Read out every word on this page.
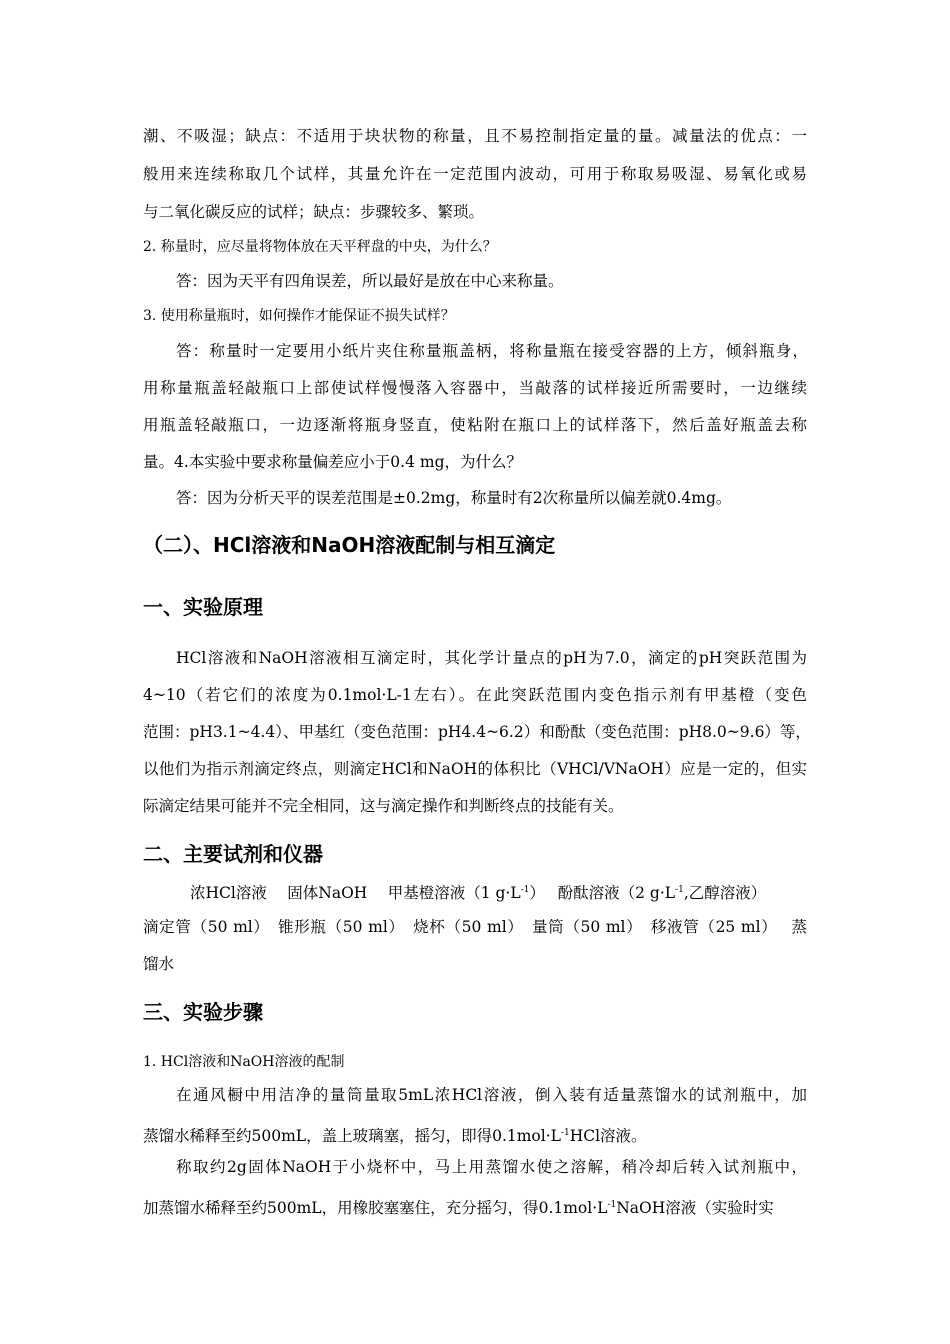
潮、不吸湿；缺点：不适用于块状物的称量，且不易控制指定量的量。减量法的优点：一
般用来连续称取几个试样，其量允许在一定范围内波动，可用于称取易吸湿、易氧化或易
与二氧化碳反应的试样；缺点：步骤较多、繁琐。
2. 称量时，应尽量将物体放在天平秤盘的中央，为什么？
答：因为天平有四角误差，所以最好是放在中心来称量。
3. 使用称量瓶时，如何操作才能保证不损失试样？
答：称量时一定要用小纸片夹住称量瓶盖柄，将称量瓶在接受容器的上方，倾斜瓶身，
用称量瓶盖轻敲瓶口上部使试样慢慢落入容器中，当敲落的试样接近所需要时，一边继续
用瓶盖轻敲瓶口，一边逐渐将瓶身竖直，使粘附在瓶口上的试样落下，然后盖好瓶盖去称
量。4.本实验中要求称量偏差应小于0.4 mg，为什么？
答：因为分析天平的误差范围是±0.2mg，称量时有2次称量所以偏差就0.4mg。
（二）、HCl溶液和NaOH溶液配制与相互滴定
一、实验原理
HCl溶液和NaOH溶液相互滴定时，其化学计量点的pH为7.0，滴定的pH突跃范围为
4~10（若它们的浓度为0.1mol·L-1左右）。在此突跃范围内变色指示剂有甲基橙（变色
范围：pH3.1~4.4）、甲基红（变色范围：pH4.4~6.2）和酚酞（变色范围：pH8.0~9.6）等，
以他们为指示剂滴定终点，则滴定HCl和NaOH的体积比（VHCl/VNaOH）应是一定的，但实
际滴定结果可能并不完全相同，这与滴定操作和判断终点的技能有关。
二、主要试剂和仪器
浓HCl溶液　 固体NaOH　 甲基橙溶液（1 $g\cdot L^{-1}$）　 酚酞溶液（2 $g\cdot L^{-1}$,乙醇溶液）
滴定管（50 ml）　锥形瓶（50 ml）　烧杯（50 ml）　量筒（50 ml）　移液管（25 ml）　 蒸
馏水
三、实验步骤
1. HCl溶液和NaOH溶液的配制
在通风橱中用洁净的量筒量取5mL浓HCl溶液，倒入装有适量蒸馏水的试剂瓶中，加
蒸馏水稀释至约500mL，盖上玻璃塞，摇匀，即得$0.1mol\cdot L^{-1}HCl$溶液。
称取约2g固体NaOH于小烧杯中，马上用蒸馏水使之溶解，稍冷却后转入试剂瓶中，
加蒸馏水稀释至约500mL，用橡胶塞塞住，充分摇匀，得$0.1mol\cdot L^{-1}NaOH$溶液（实验时实
